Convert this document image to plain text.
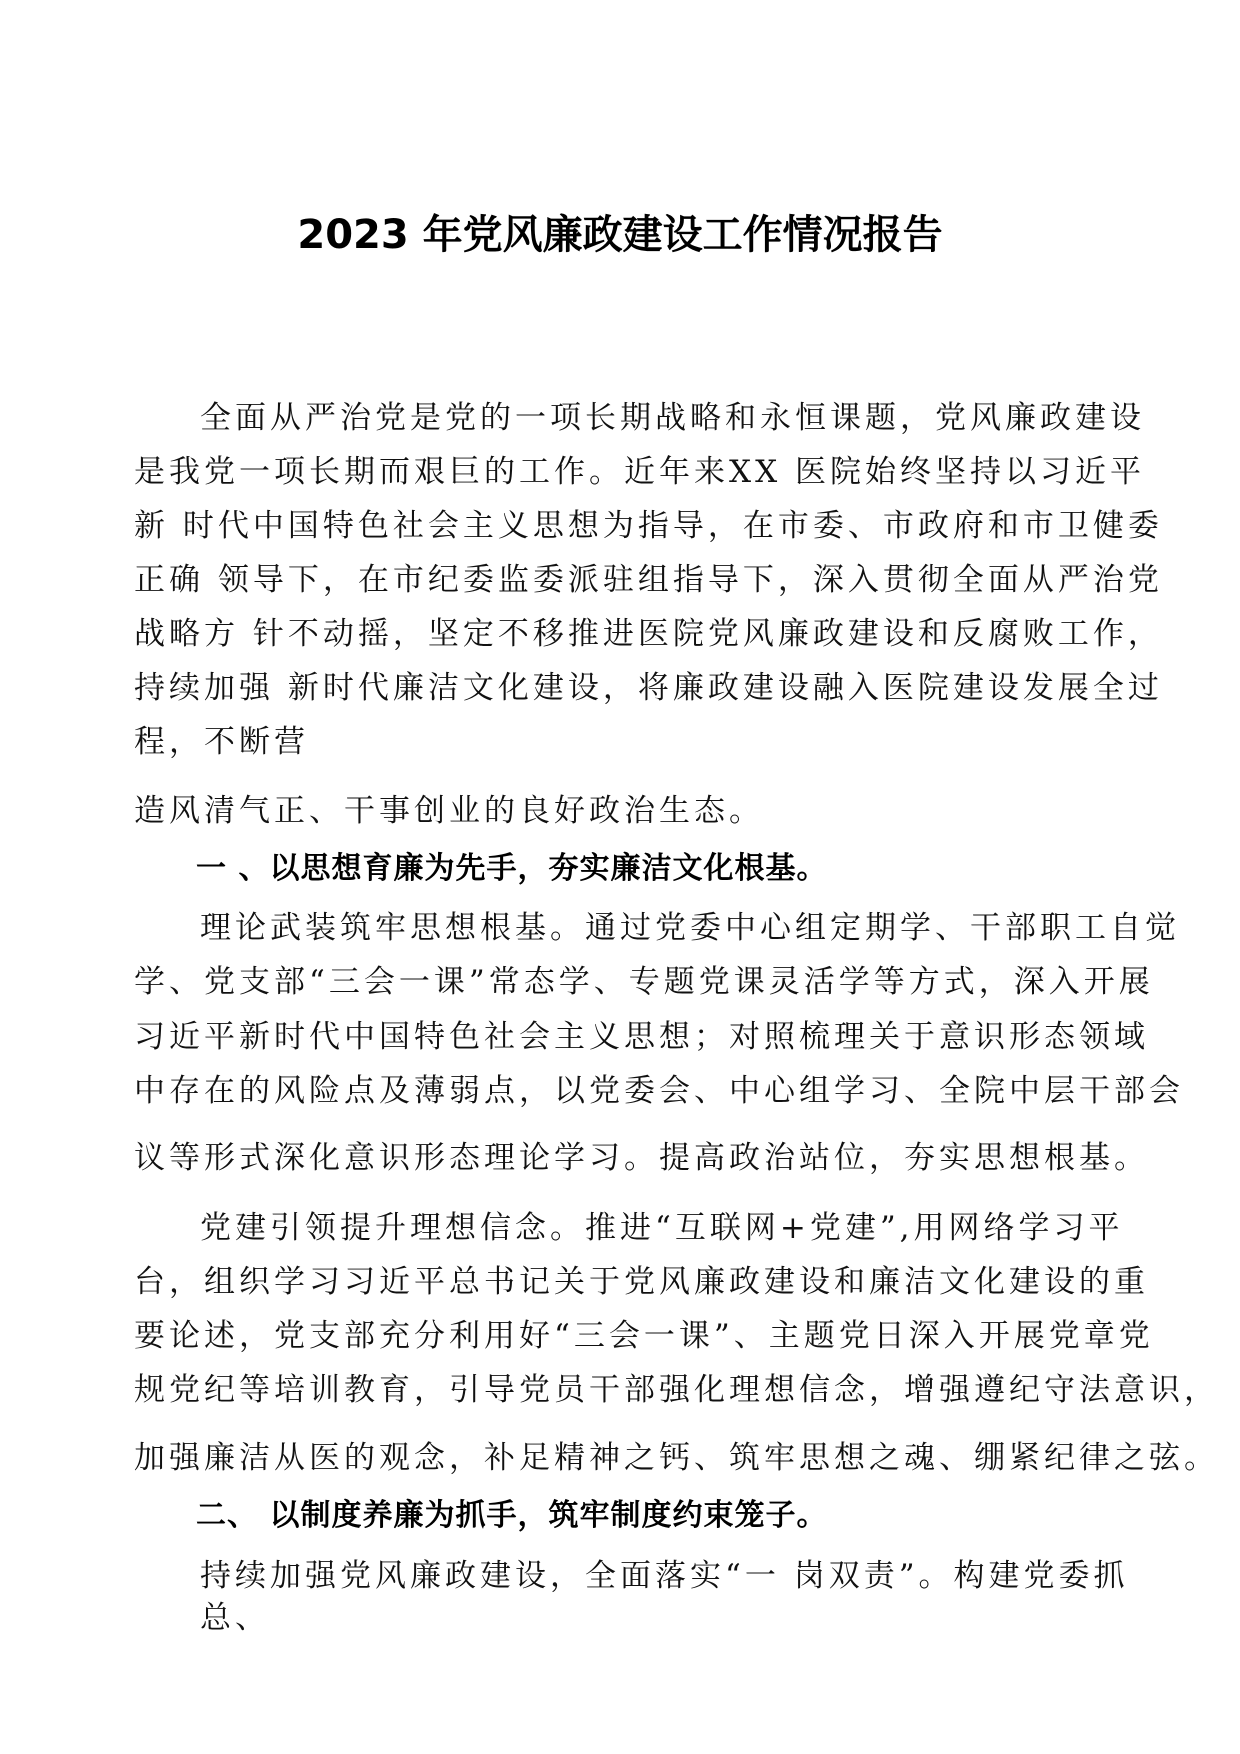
2023 年党风廉政建设工作情况报告

全面从严治党是党的一项长期战略和永恒课题，党风廉政建设

是我党一项长期而艰巨的工作。近年来XX 医院始终坚持以习近平

新 时代中国特色社会主义思想为指导，在市委、市政府和市卫健委

正确 领导下，在市纪委监委派驻组指导下，深入贯彻全面从严治党

战略方 针不动摇，坚定不移推进医院党风廉政建设和反腐败工作，

持续加强 新时代廉洁文化建设，将廉政建设融入医院建设发展全过

程，不断营

造风清气正、干事创业的良好政治生态。

一 、以思想育廉为先手，夯实廉洁文化根基。

理论武装筑牢思想根基。通过党委中心组定期学、干部职工自觉

学、党支部“三会一课”常态学、专题党课灵活学等方式，深入开展

习近平新时代中国特色社会主义思想；对照梳理关于意识形态领域

中存在的风险点及薄弱点，以党委会、中心组学习、全院中层干部会

议等形式深化意识形态理论学习。提高政治站位，夯实思想根基。

党建引领提升理想信念。推进“互联网+党建”,用网络学习平

台，组织学习习近平总书记关于党风廉政建设和廉洁文化建设的重

要论述，党支部充分利用好“三会一课”、主题党日深入开展党章党

规党纪等培训教育，引导党员干部强化理想信念，增强遵纪守法意识，

加强廉洁从医的观念，补足精神之钙、筑牢思想之魂、绷紧纪律之弦。

二、 以制度养廉为抓手，筑牢制度约束笼子。

持续加强党风廉政建设，全面落实“一 岗双责”。构建党委抓

总、
